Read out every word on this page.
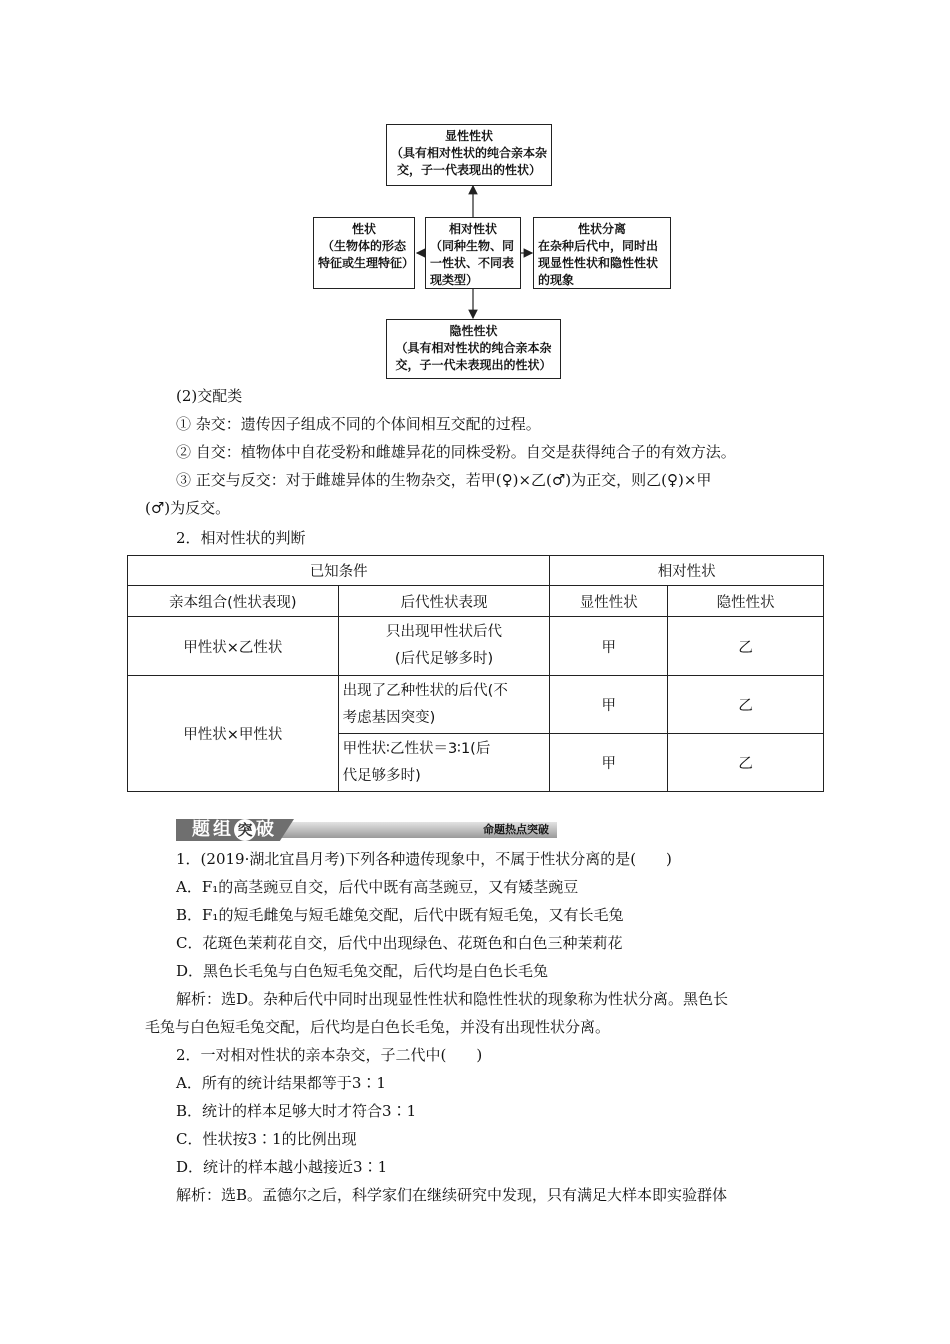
显性性状
（具有相对性状的纯合亲本杂交，子一代表现出的性状）
性状
（生物体的形态特征或生理特征）
相对性状
（同种生物、同一性状、不同表现类型）
性状分离
在杂种后代中，同时出现显性性状和隐性性状的现象
隐性性状
（具有相对性状的纯合亲本杂交，子一代未表现出的性状）
(2)交配类
① 杂交：遗传因子组成不同的个体间相互交配的过程。
② 自交：植物体中自花受粉和雌雄异花的同株受粉。自交是获得纯合子的有效方法。
③ 正交与反交：对于雌雄异体的生物杂交，若甲(♀)×乙(♂)为正交，则乙(♀)×甲
(♂)为反交。
2．相对性状的判断
已知条件		相对性状	
亲本组合(性状表现)	后代性状表现	显性性状	隐性性状
甲性状×乙性状	只出现甲性状后代
(后代足够多时)	甲	乙
甲性状×甲性状	出现了乙种性状的后代(不
考虑基因突变)	甲	乙

	甲性状∶乙性状＝3∶1(后
代足够多时)	甲	乙
题组 突 破	命题热点突破
1．(2019·湖北宜昌月考)下列各种遗传现象中，不属于性状分离的是(　　)
A．F₁的高茎豌豆自交，后代中既有高茎豌豆，又有矮茎豌豆
B．F₁的短毛雌兔与短毛雄兔交配，后代中既有短毛兔，又有长毛兔
C．花斑色茉莉花自交，后代中出现绿色、花斑色和白色三种茉莉花
D．黑色长毛兔与白色短毛兔交配，后代均是白色长毛兔
解析：选D。杂种后代中同时出现显性性状和隐性性状的现象称为性状分离。黑色长
毛兔与白色短毛兔交配，后代均是白色长毛兔，并没有出现性状分离。
2．一对相对性状的亲本杂交，子二代中(　　)
A．所有的统计结果都等于3∶1
B．统计的样本足够大时才符合3∶1
C．性状按3∶1的比例出现
D．统计的样本越小越接近3∶1
解析：选B。孟德尔之后，科学家们在继续研究中发现，只有满足大样本即实验群体
